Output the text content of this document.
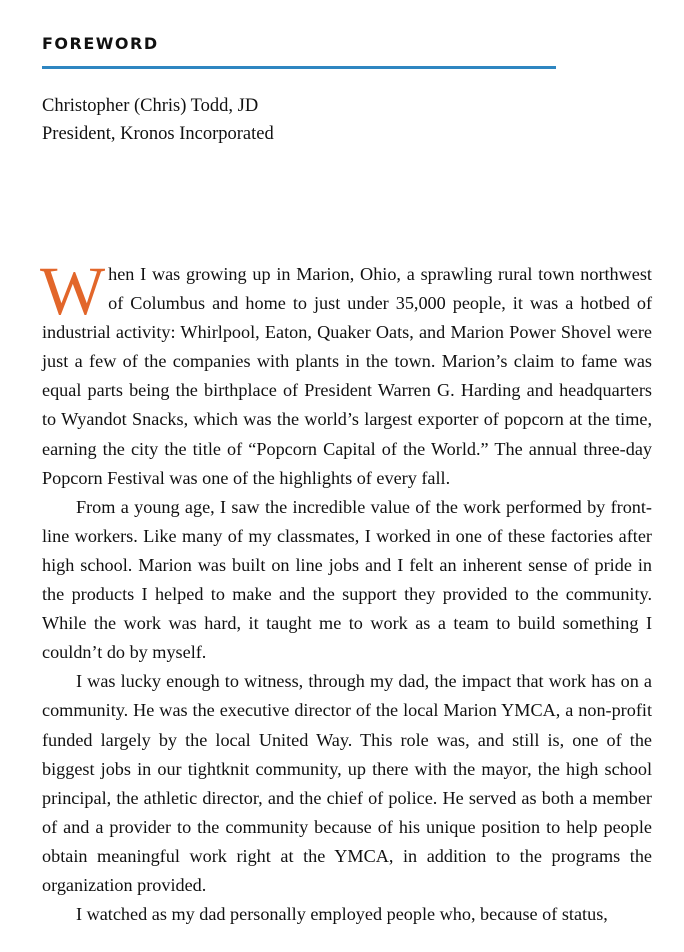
FOREWORD
Christopher (Chris) Todd, JD
President, Kronos Incorporated

When I was growing up in Marion, Ohio, a sprawling rural town northwest of Columbus and home to just under 35,000 people, it was a hotbed of industrial activity: Whirlpool, Eaton, Quaker Oats, and Marion Power Shovel were just a few of the companies with plants in the town. Marion’s claim to fame was equal parts being the birthplace of President Warren G. Harding and headquarters to Wyandot Snacks, which was the world’s largest exporter of popcorn at the time, earning the city the title of “Popcorn Capital of the World.” The annual three-day Popcorn Festival was one of the highlights of every fall.

From a young age, I saw the incredible value of the work performed by front-line workers. Like many of my classmates, I worked in one of these factories after high school. Marion was built on line jobs and I felt an inherent sense of pride in the products I helped to make and the support they provided to the community. While the work was hard, it taught me to work as a team to build something I couldn’t do by myself.

I was lucky enough to witness, through my dad, the impact that work has on a community. He was the executive director of the local Marion YMCA, a non-profit funded largely by the local United Way. This role was, and still is, one of the biggest jobs in our tightknit community, up there with the mayor, the high school principal, the athletic director, and the chief of police. He served as both a member of and a provider to the community because of his unique position to help people obtain meaningful work right at the YMCA, in addition to the programs the organization provided.

I watched as my dad personally employed people who, because of status,
